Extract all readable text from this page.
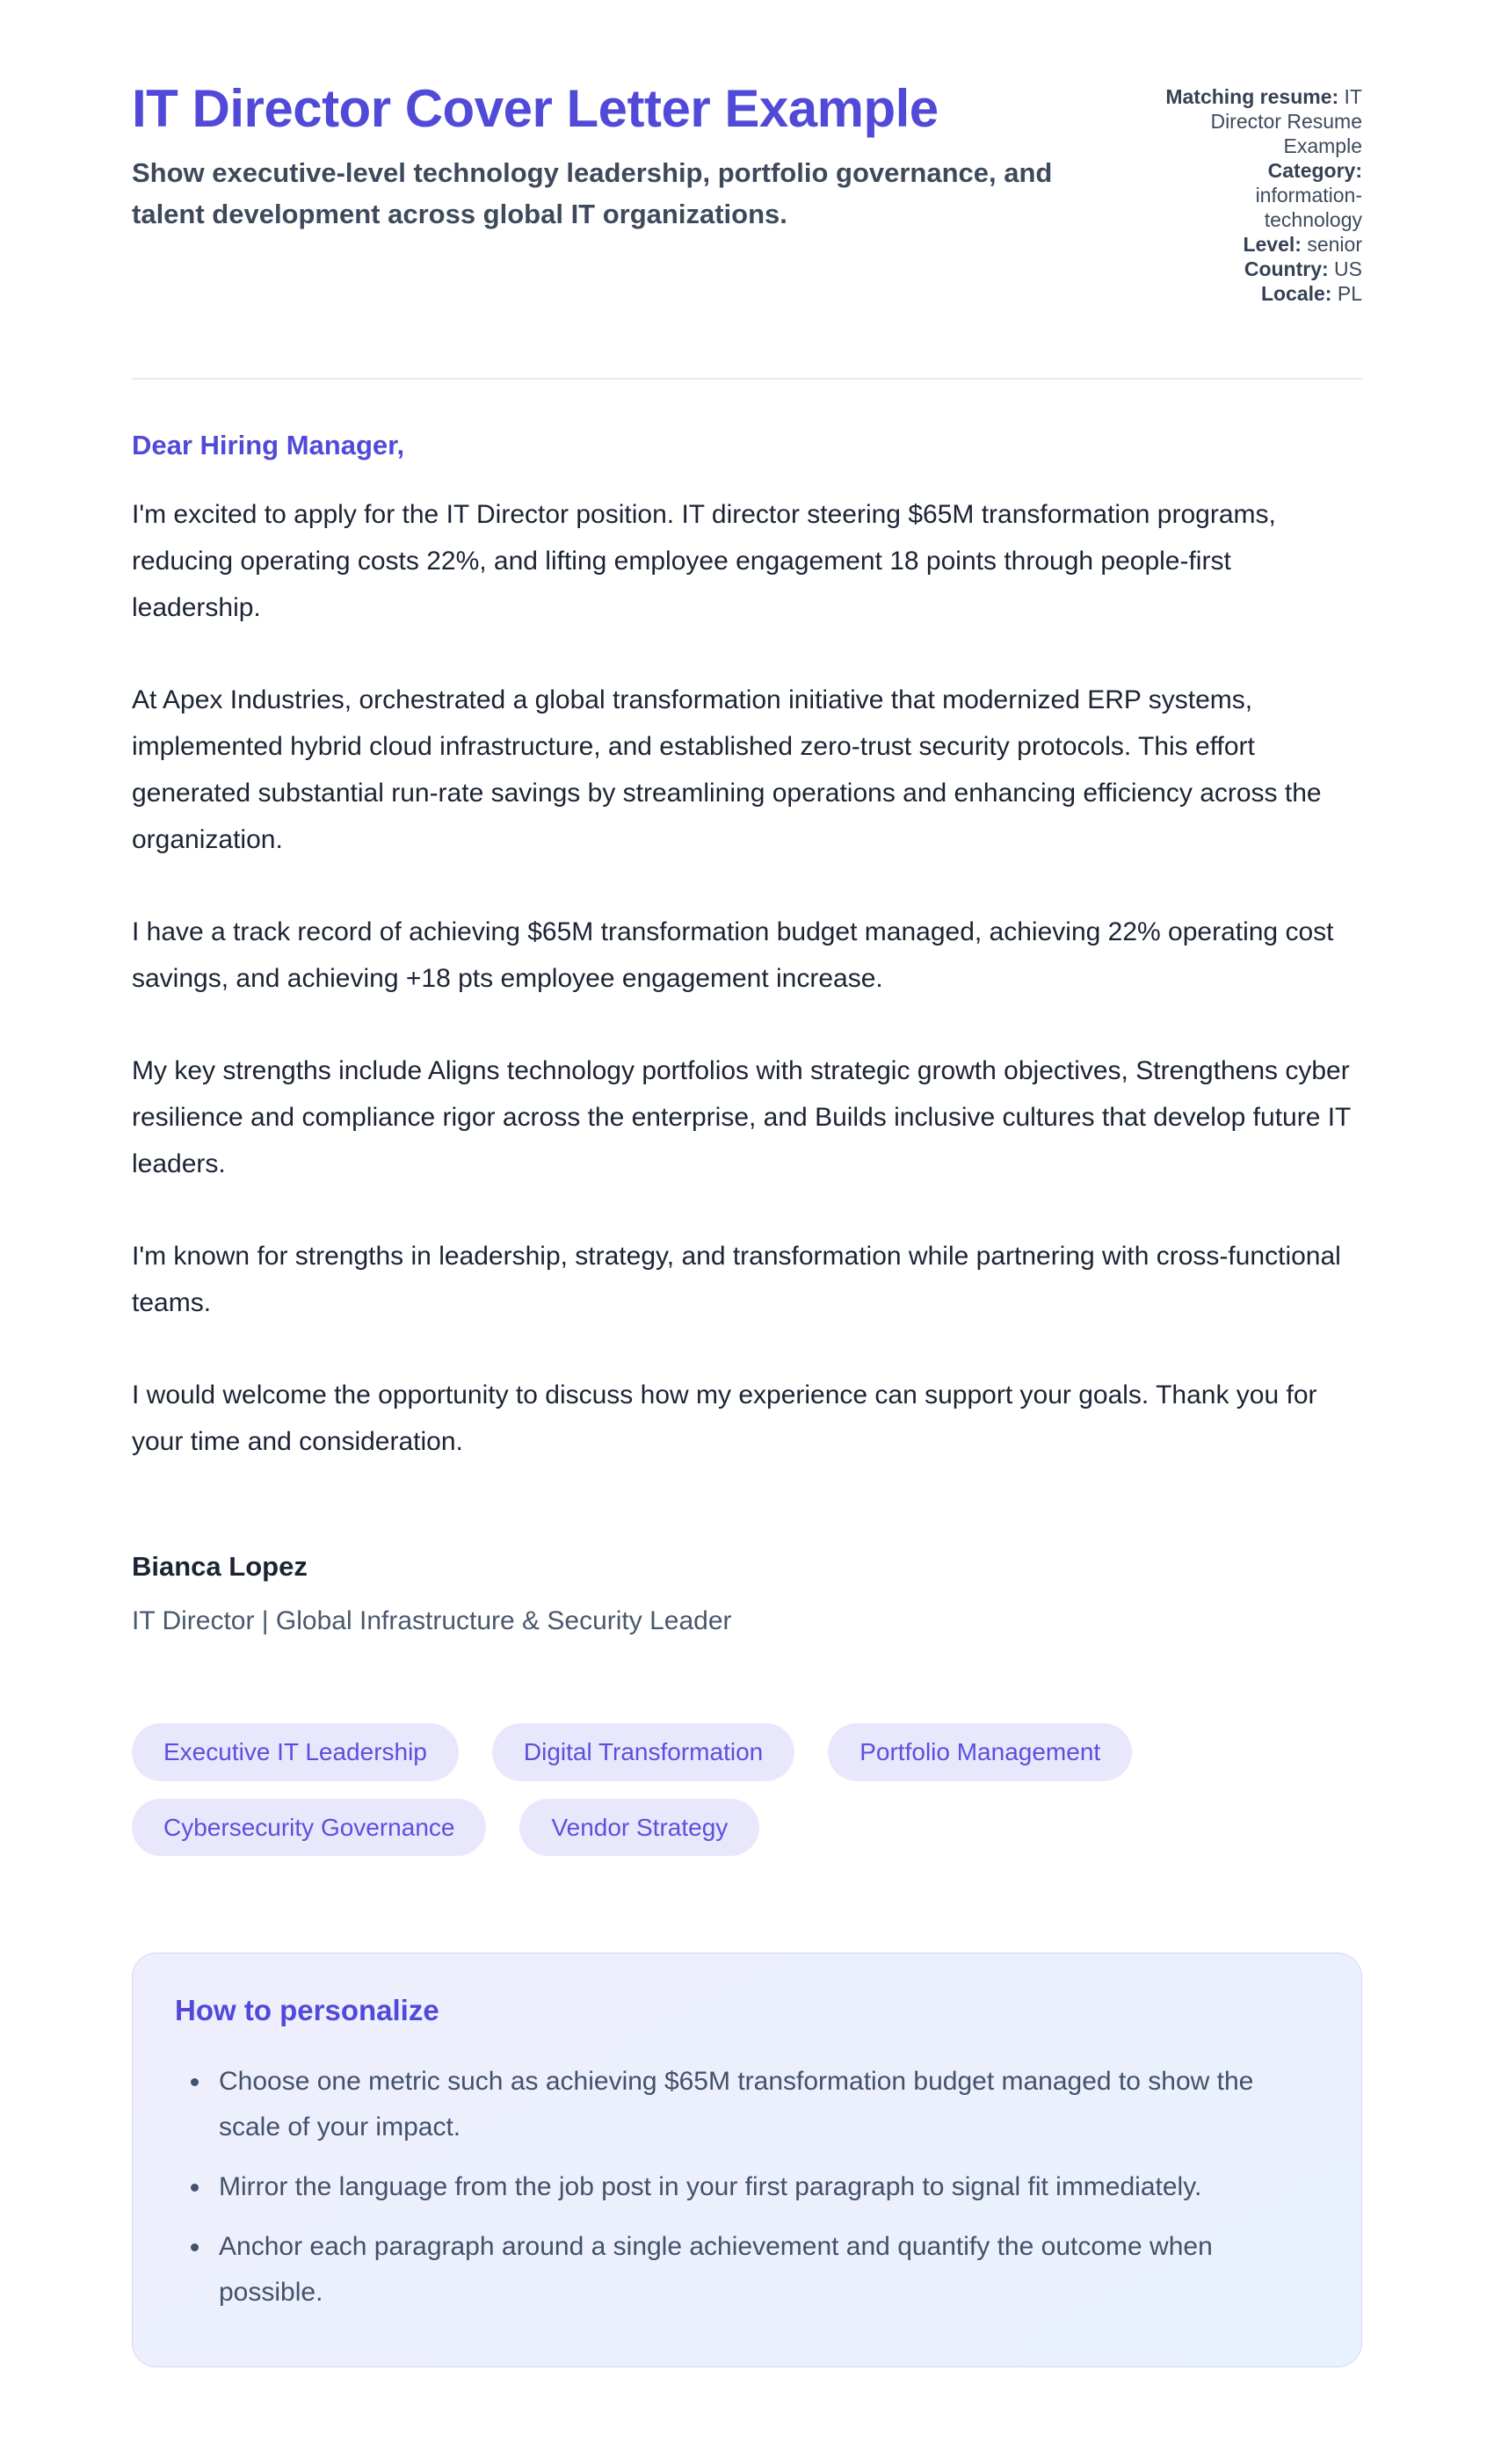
IT Director Cover Letter Example

Show executive-level technology leadership, portfolio governance, and talent development across global IT organizations.

Matching resume: IT Director Resume Example
Category: information-technology
Level: senior
Country: US
Locale: PL

Dear Hiring Manager,

I'm excited to apply for the IT Director position. IT director steering $65M transformation programs, reducing operating costs 22%, and lifting employee engagement 18 points through people-first leadership.

At Apex Industries, orchestrated a global transformation initiative that modernized ERP systems, implemented hybrid cloud infrastructure, and established zero-trust security protocols. This effort generated substantial run-rate savings by streamlining operations and enhancing efficiency across the organization.

I have a track record of achieving $65M transformation budget managed, achieving 22% operating cost savings, and achieving +18 pts employee engagement increase.

My key strengths include Aligns technology portfolios with strategic growth objectives, Strengthens cyber resilience and compliance rigor across the enterprise, and Builds inclusive cultures that develop future IT leaders.

I'm known for strengths in leadership, strategy, and transformation while partnering with cross-functional teams.

I would welcome the opportunity to discuss how my experience can support your goals. Thank you for your time and consideration.

Bianca Lopez

IT Director | Global Infrastructure & Security Leader

Executive IT Leadership	Digital Transformation	Portfolio Management
Cybersecurity Governance	Vendor Strategy
How to personalize
• Choose one metric such as achieving $65M transformation budget managed to show the scale of your impact.
• Mirror the language from the job post in your first paragraph to signal fit immediately.
• Anchor each paragraph around a single achievement and quantify the outcome when possible.
